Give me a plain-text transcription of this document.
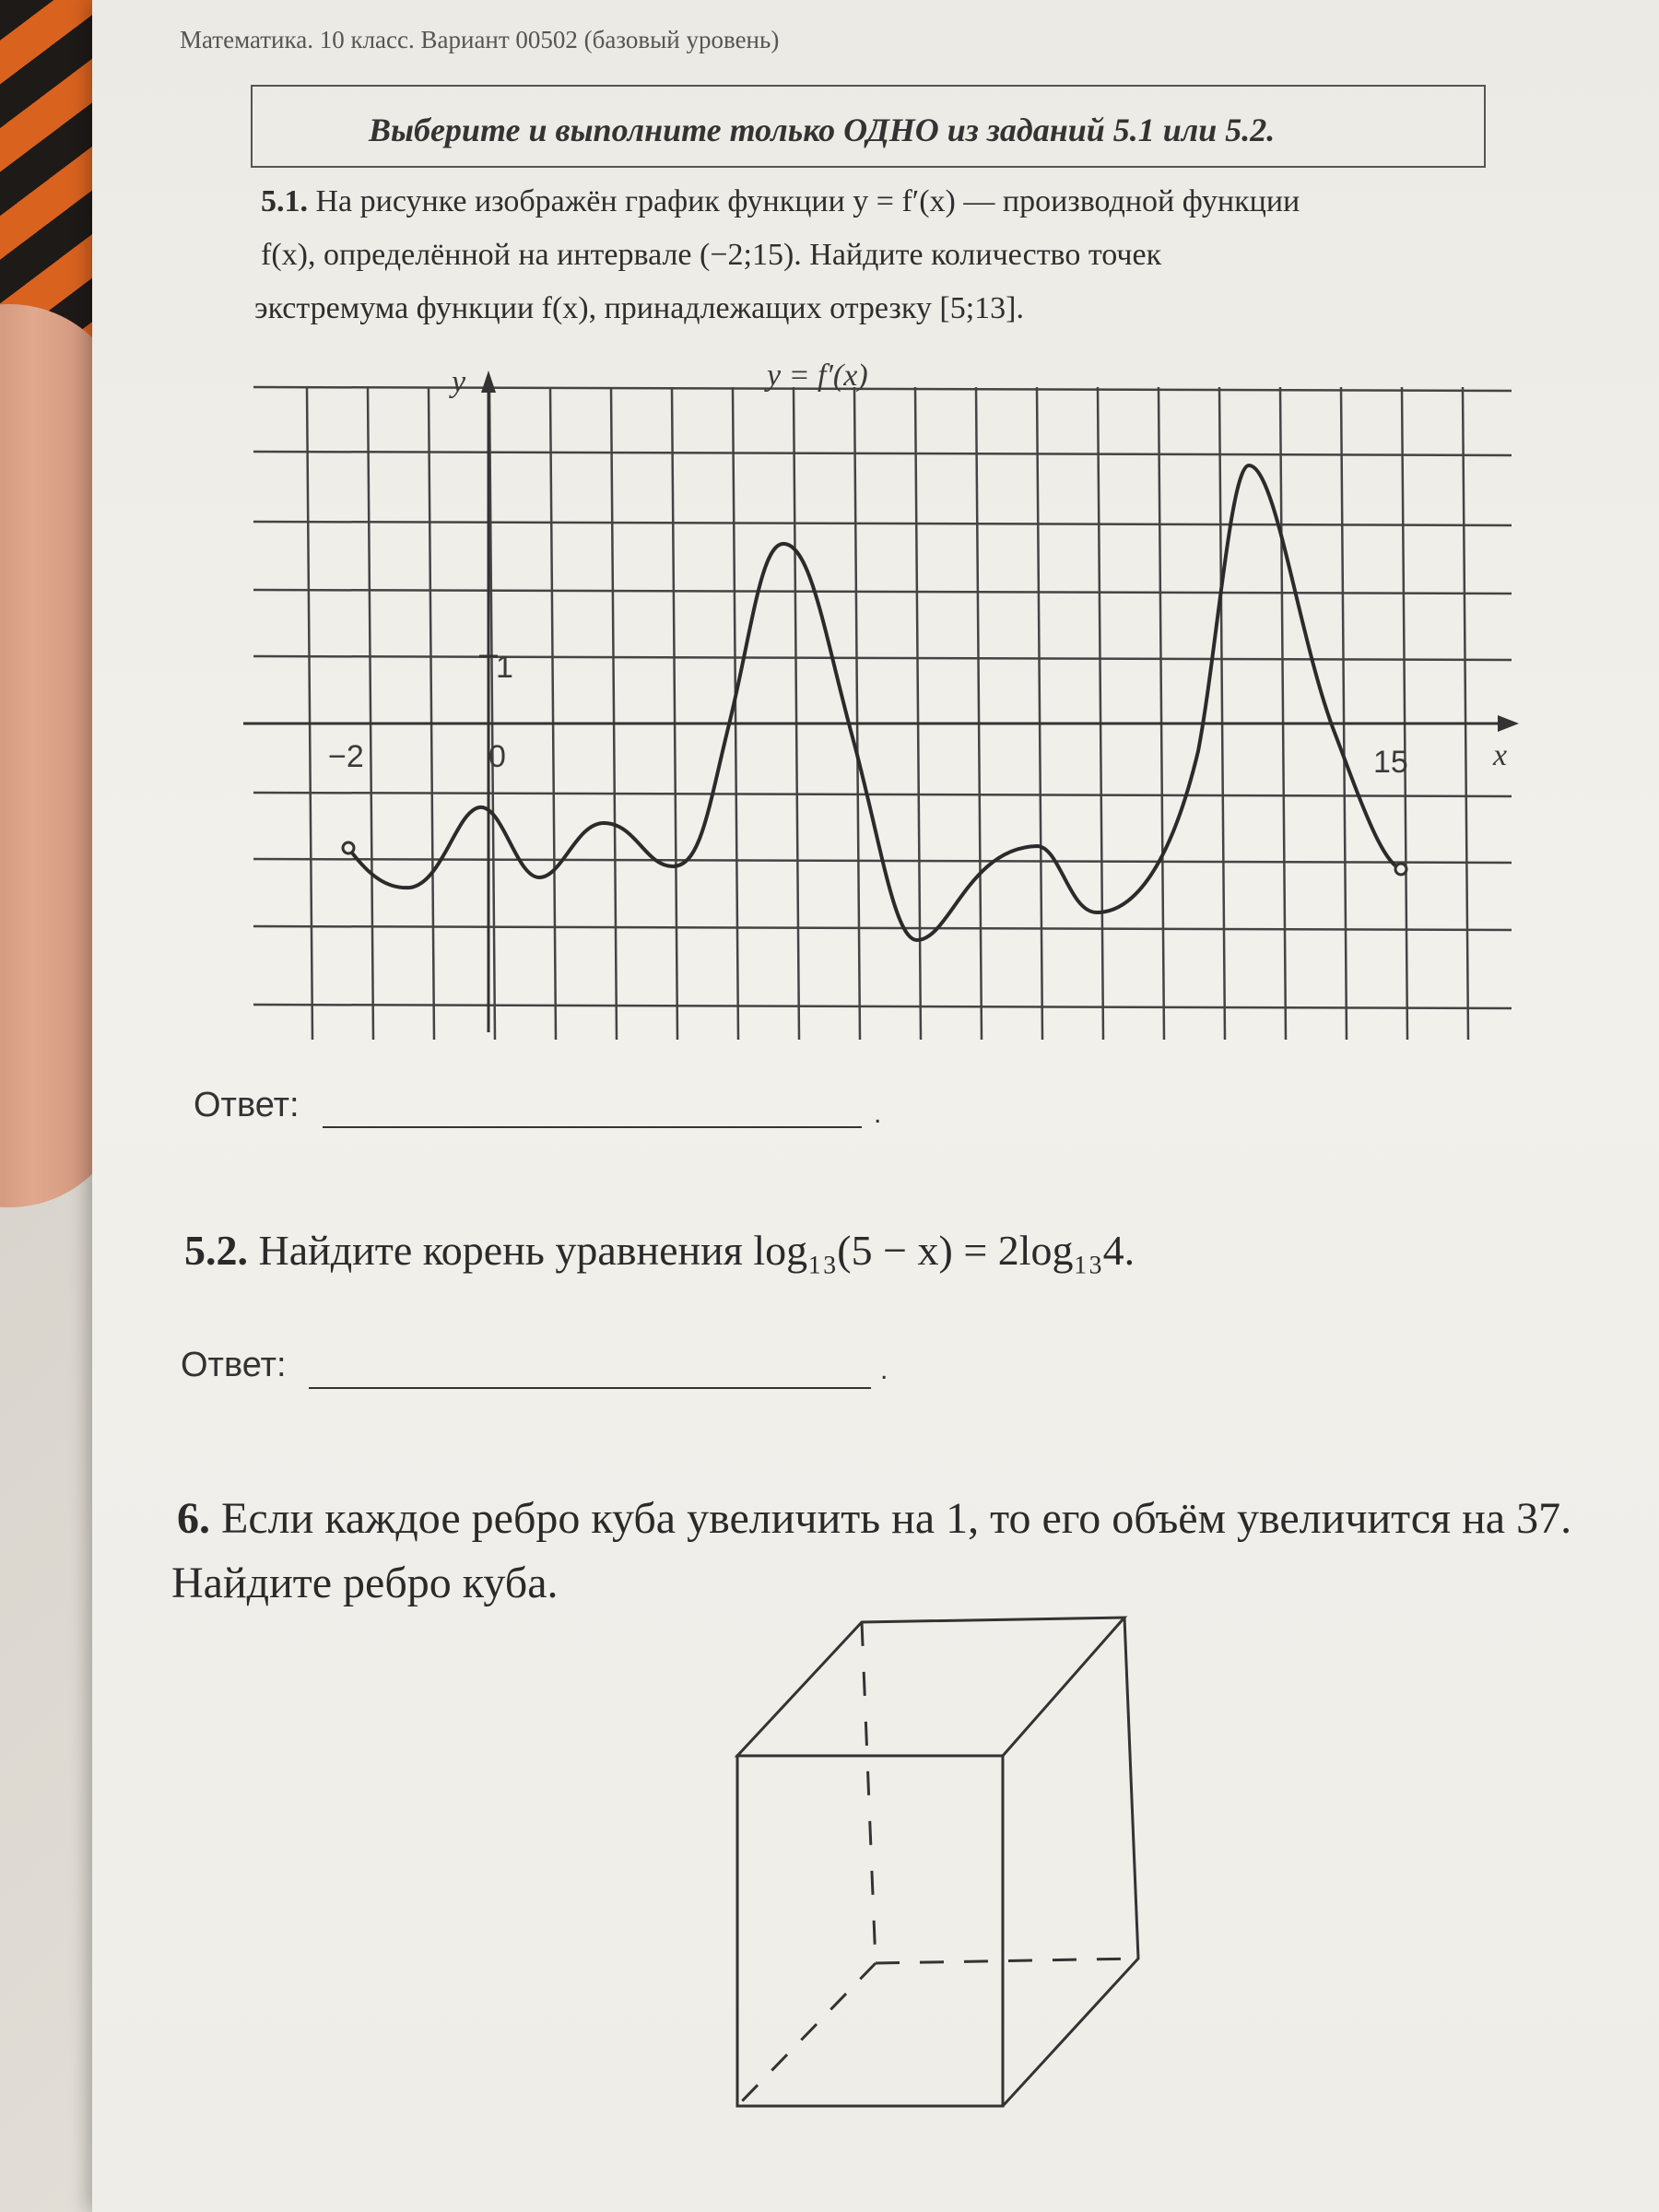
Математика. 10 класс. Вариант 00502 (базовый уровень)
Выберите и выполните только ОДНО из заданий 5.1 или 5.2.
5.1. На рисунке изображён график функции y = f′(x) — производной функции
f(x), определённой на интервале (−2;15). Найдите количество точек
экстремума функции f(x), принадлежащих отрезку [5;13].
y	y = f′(x)
x
1
0
−2	15
Ответ:	.
5.2. Найдите корень уравнения log₁₃(5 − x) = 2log₁₃4.
Ответ:	.
6. Если каждое ребро куба увеличить на 1, то его объём увеличится на 37.
Найдите ребро куба.
